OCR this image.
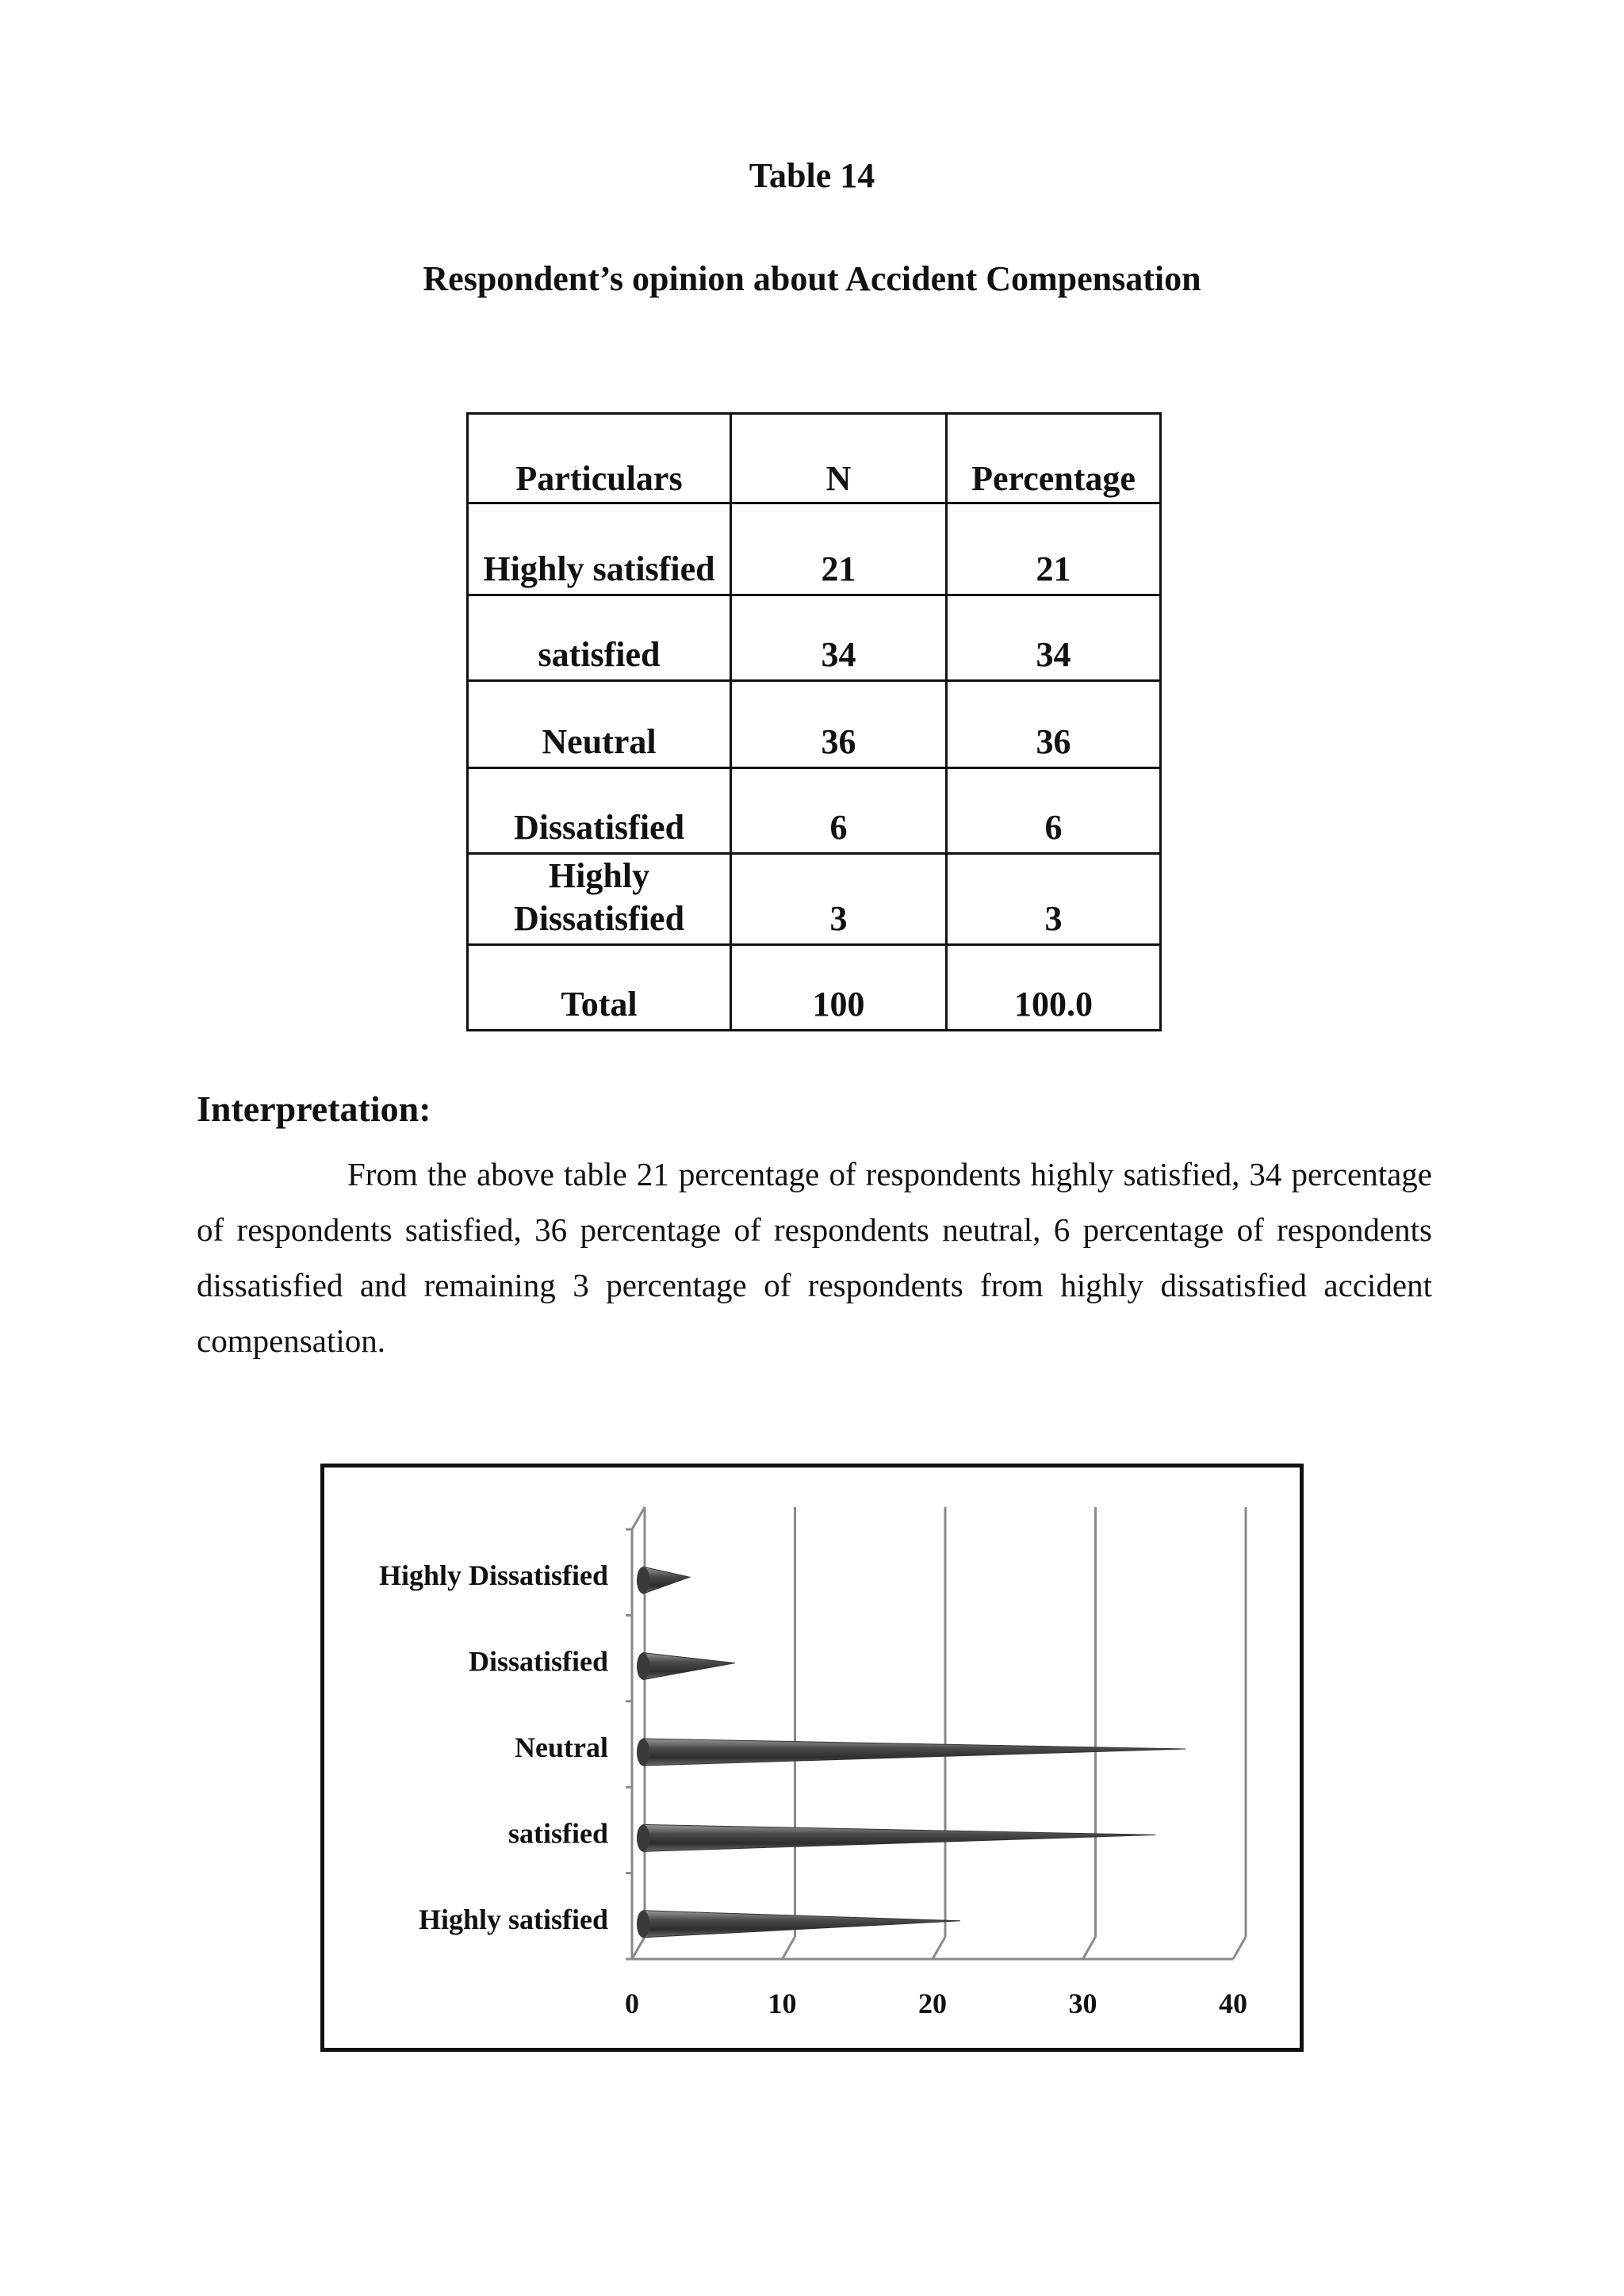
Table 14
Respondent’s opinion about Accident Compensation
Particulars	N	Percentage
Highly satisfied	21	21
satisfied	34	34
Neutral	36	36
Dissatisfied	6	6
Highly Dissatisfied	3	3
Total	100	100.0
Interpretation:

From the above table 21 percentage of respondents highly satisfied, 34 percentage of respondents satisfied, 36 percentage of respondents neutral, 6 percentage of respondents dissatisfied and remaining 3 percentage of respondents from highly dissatisfied accident compensation.

Highly Dissatisfied
Dissatisfied
Neutral
satisfied
Highly satisfied
0	10	20	30	40
